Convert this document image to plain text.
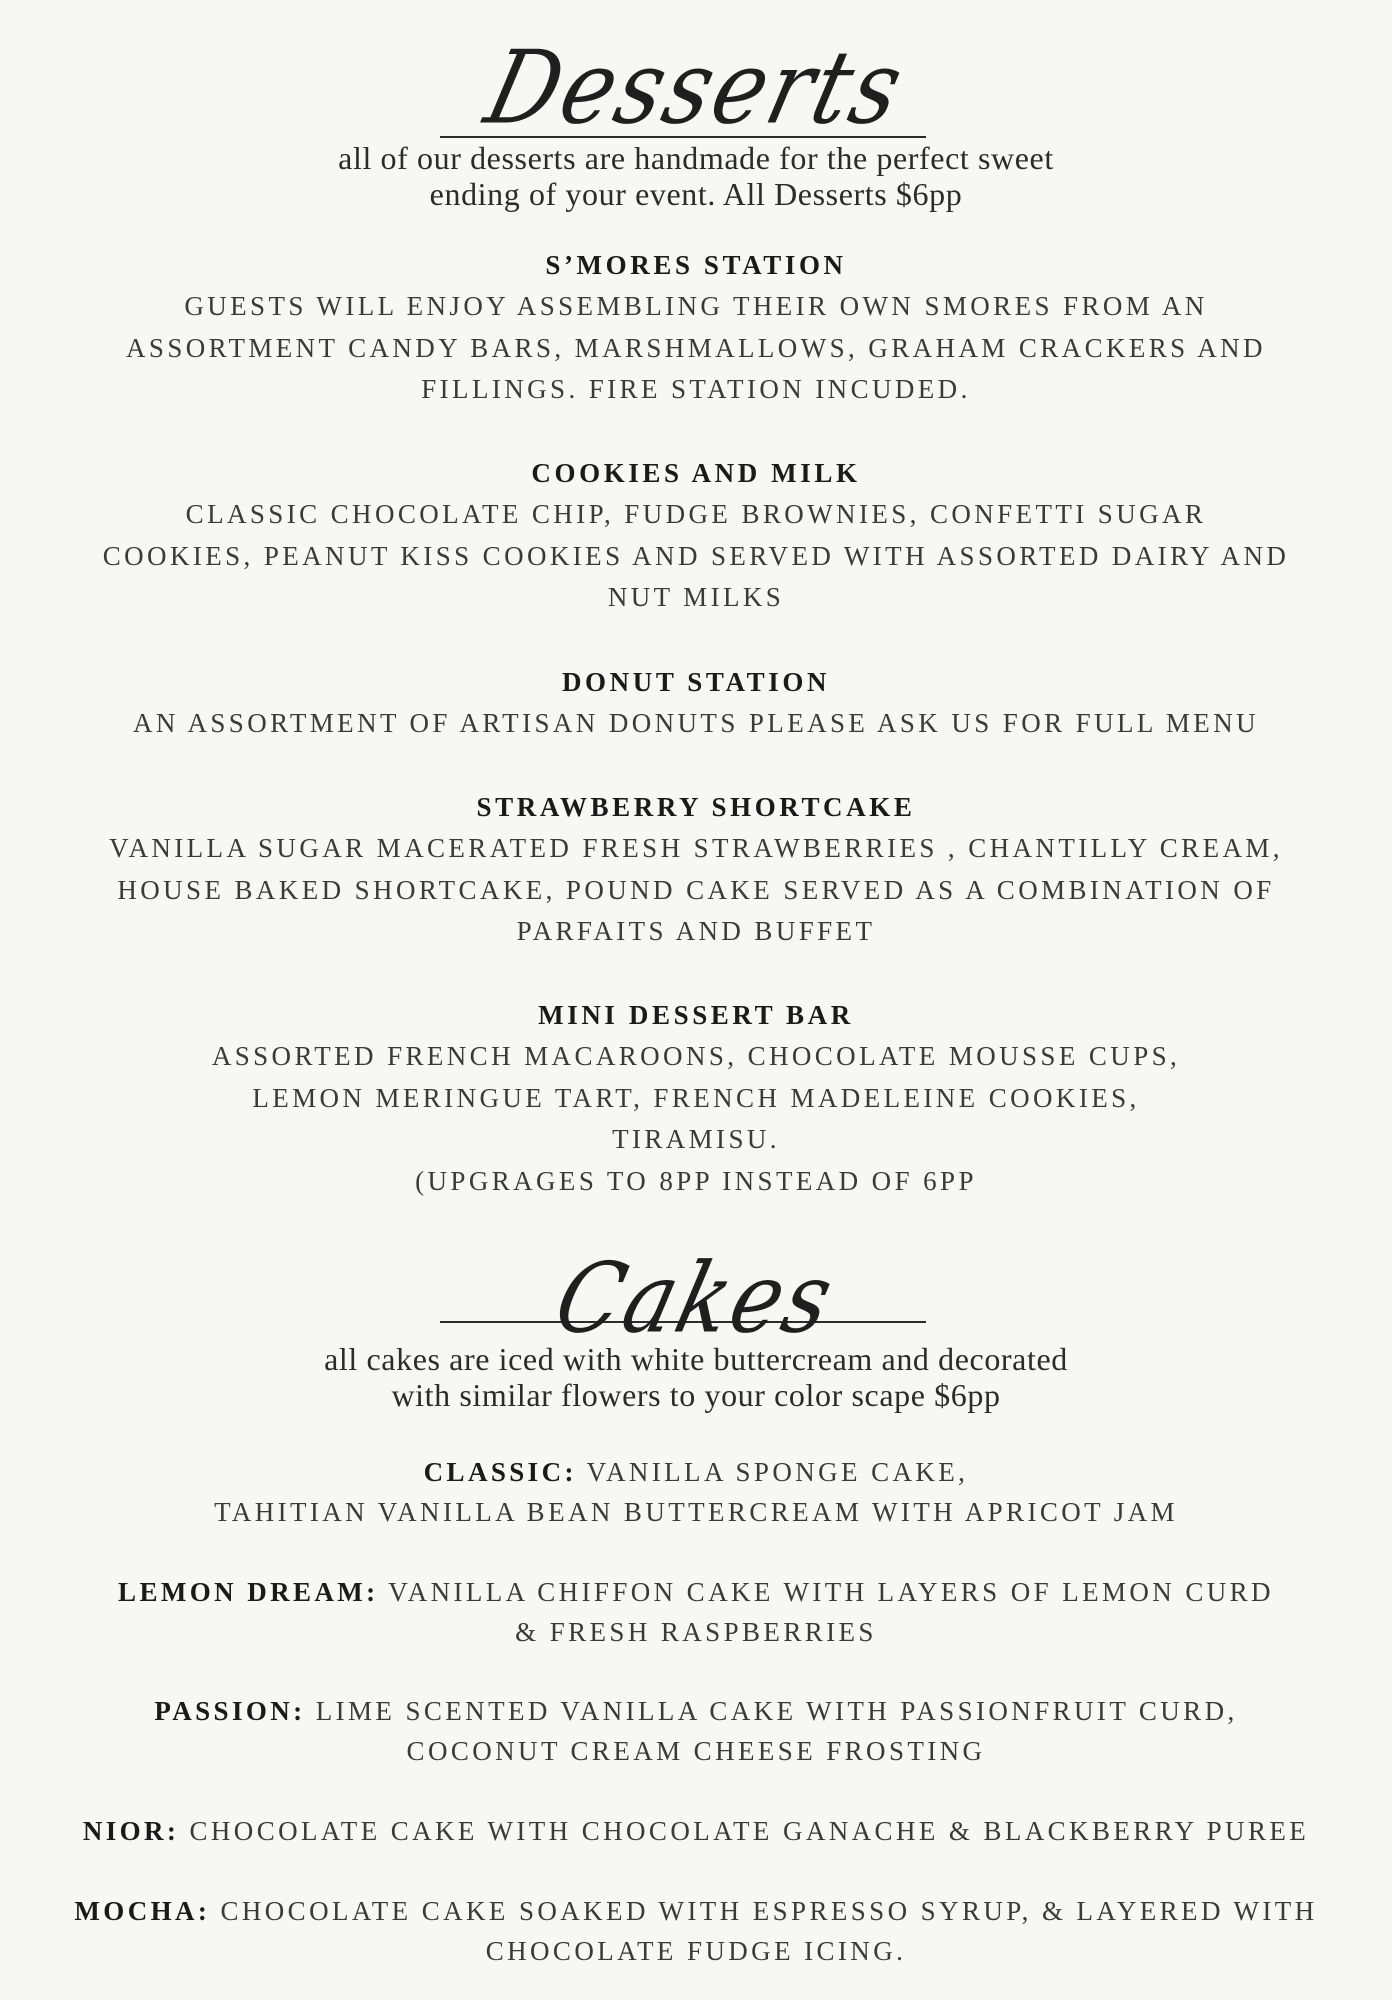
Desserts
all of our desserts are handmade for the perfect sweet
ending of your event. All Desserts $6pp
S’MORES STATION
GUESTS WILL ENJOY ASSEMBLING THEIR OWN SMORES FROM AN
ASSORTMENT CANDY BARS, MARSHMALLOWS, GRAHAM CRACKERS AND
FILLINGS. FIRE STATION INCUDED.
COOKIES AND MILK
CLASSIC CHOCOLATE CHIP, FUDGE BROWNIES, CONFETTI SUGAR
COOKIES, PEANUT KISS COOKIES AND SERVED WITH ASSORTED DAIRY AND
NUT MILKS
DONUT STATION
AN ASSORTMENT OF ARTISAN DONUTS PLEASE ASK US FOR FULL MENU
STRAWBERRY SHORTCAKE
VANILLA SUGAR MACERATED FRESH STRAWBERRIES , CHANTILLY CREAM,
HOUSE BAKED SHORTCAKE, POUND CAKE SERVED AS A COMBINATION OF
PARFAITS AND BUFFET
MINI DESSERT BAR
ASSORTED FRENCH MACAROONS, CHOCOLATE MOUSSE CUPS,
LEMON MERINGUE TART, FRENCH MADELEINE COOKIES,
TIRAMISU.
(UPGRAGES TO 8PP INSTEAD OF 6PP
Cakes
all cakes are iced with white buttercream and decorated
with similar flowers to your color scape $6pp
CLASSIC: VANILLA SPONGE CAKE,
TAHITIAN VANILLA BEAN BUTTERCREAM WITH APRICOT JAM
LEMON DREAM: VANILLA CHIFFON CAKE WITH LAYERS OF LEMON CURD
& FRESH RASPBERRIES
PASSION: LIME SCENTED VANILLA CAKE WITH PASSIONFRUIT CURD,
COCONUT CREAM CHEESE FROSTING
NIOR: CHOCOLATE CAKE WITH CHOCOLATE GANACHE & BLACKBERRY PUREE
MOCHA: CHOCOLATE CAKE SOAKED WITH ESPRESSO SYRUP, & LAYERED WITH
CHOCOLATE FUDGE ICING.
